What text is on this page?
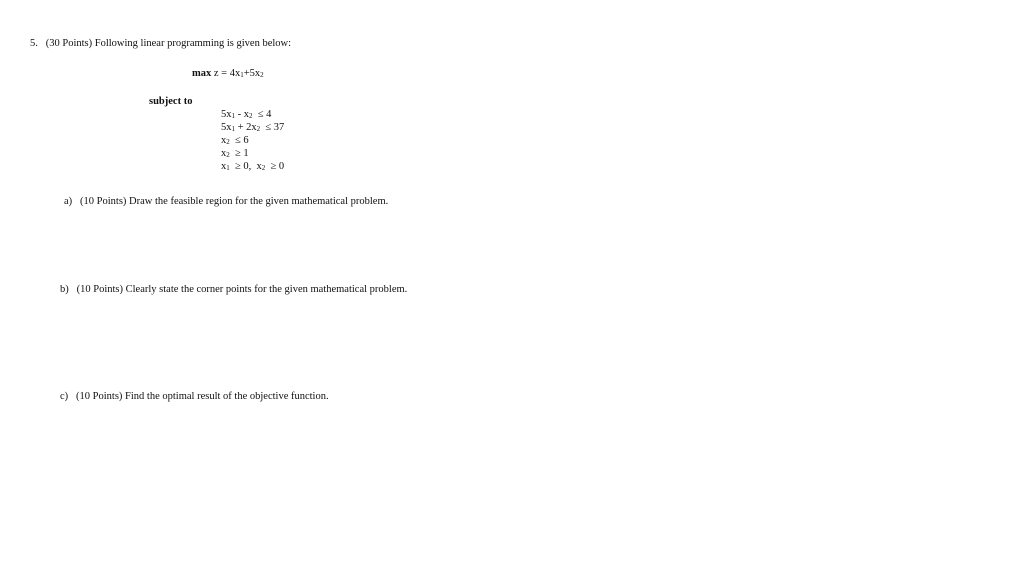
5. (30 Points) Following linear programming is given below:
$\max z = 4x_1+5x_2$
subject to
$5x_1 - x_2 \le 4$
$5x_1 + 2x_2 \le 37$
$x_2 \le 6$
$x_2 \ge 1$
$x_1 \ge 0$,  $x_2 \ge 0$
a) (10 Points) Draw the feasible region for the given mathematical problem.
b) (10 Points) Clearly state the corner points for the given mathematical problem.
c) (10 Points) Find the optimal result of the objective function.
